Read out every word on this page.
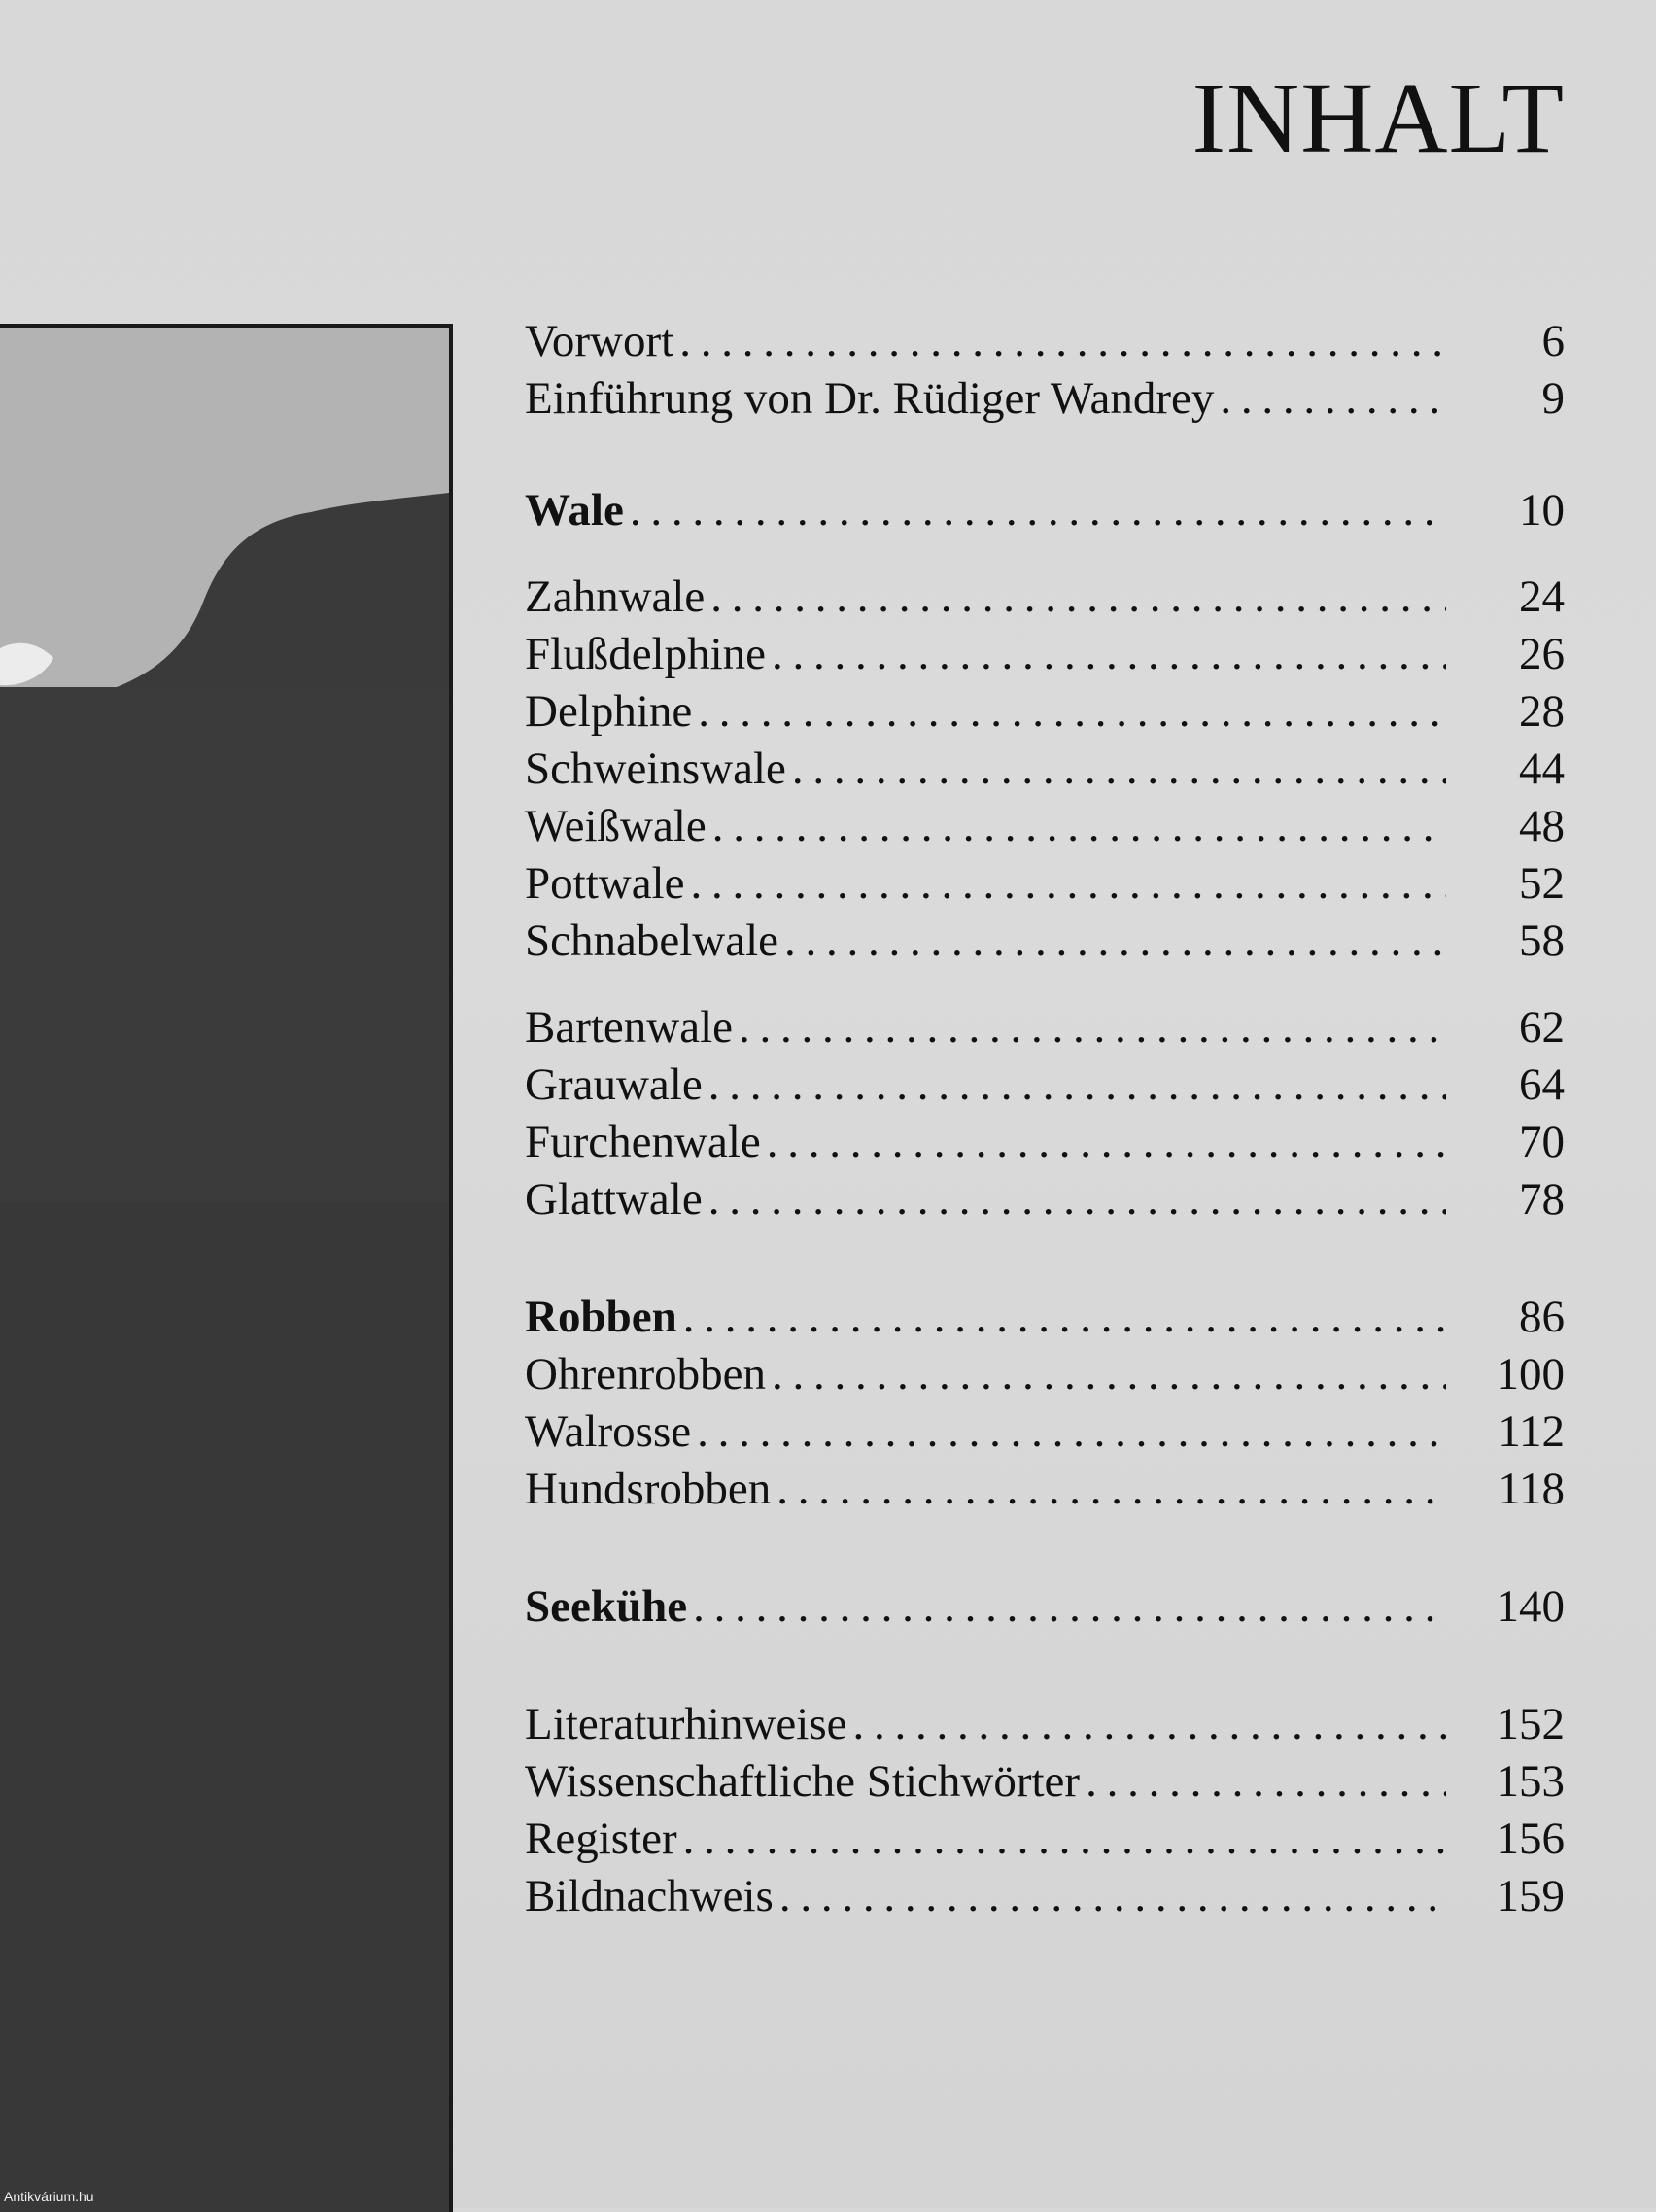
INHALT
Vorwort . . .	6
Einführung von Dr. Rüdiger Wandrey . . .	9
Wale . . .	10
Zahnwale . . .	24
Flußdelphine . . .	26
Delphine . . .	28
Schweinswale . . .	44
Weißwale . . .	48
Pottwale . . .	52
Schnabelwale . . .	58
Bartenwale . . .	62
Grauwale . . .	64
Furchenwale . . .	70
Glattwale . . .	78
Robben . . .	86
Ohrenrobben . . .	100
Walrosse . . .	112
Hundsrobben . . .	118
Seekühe . . .	140
Literaturhinweise . . .	152
Wissenschaftliche Stichwörter . . .	153
Register . . .	156
Bildnachweis . . .	159
Antikvárium.hu
